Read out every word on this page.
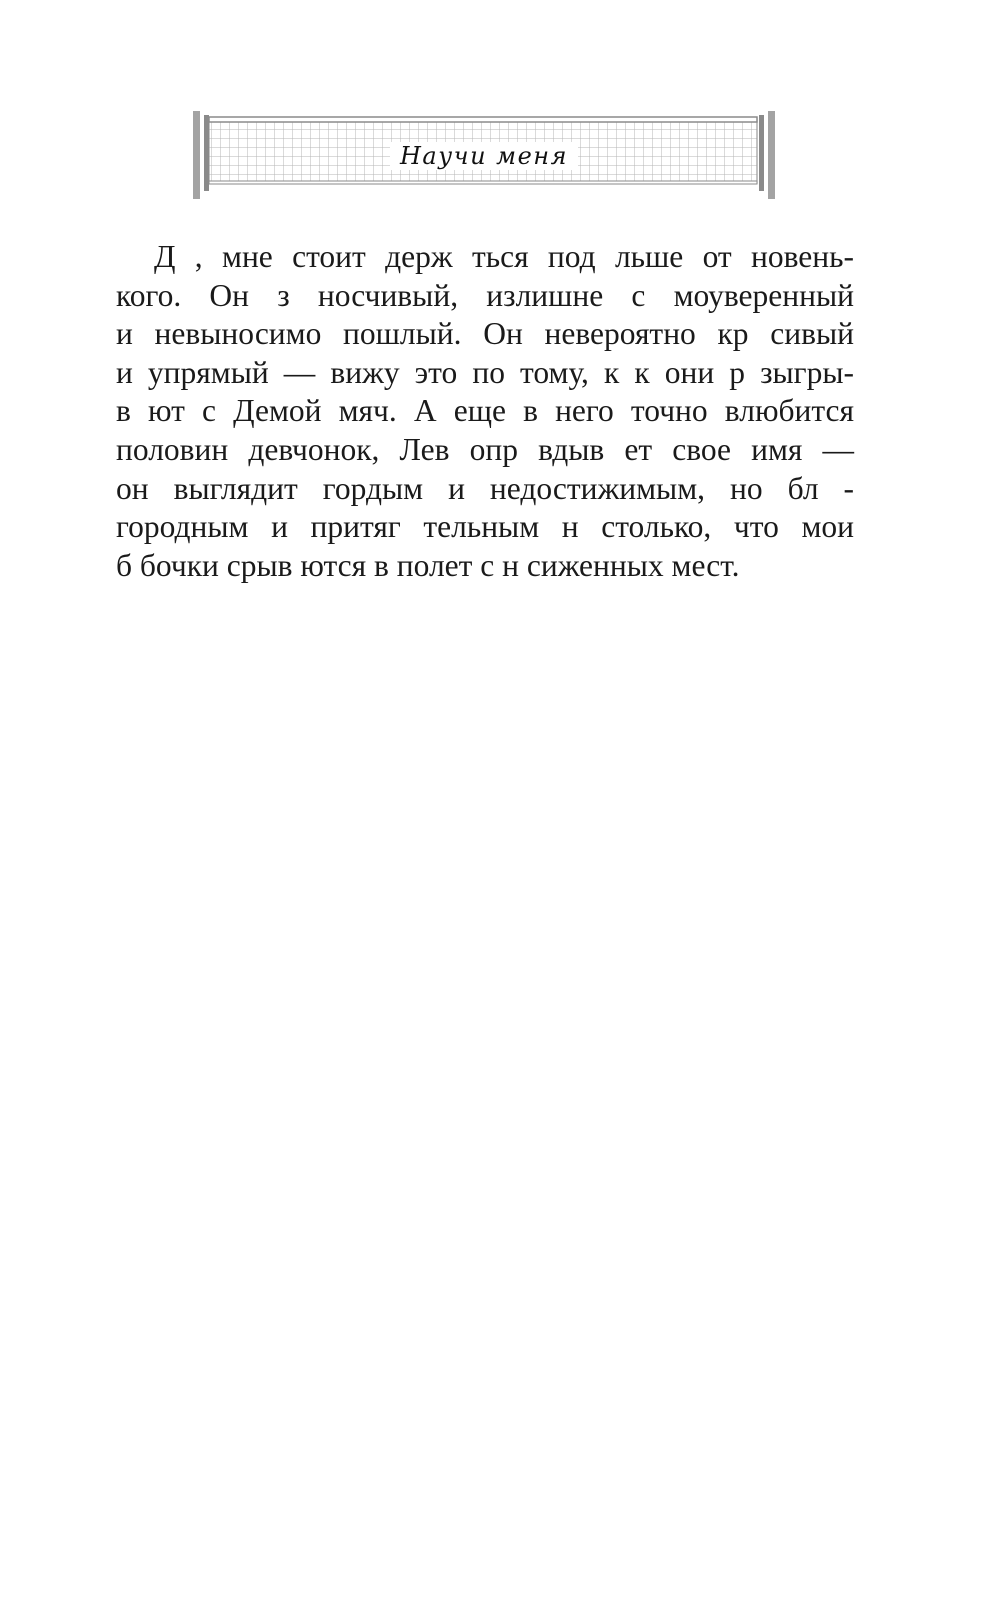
Научи меня
Д , мне стоит держ ться под льше от новень-
кого. Он з носчивый, излишне с моуверенный
и невыносимо пошлый. Он невероятно кр сивый
и упрямый — вижу это по тому, к к они р зыгры-
в ют с Демой мяч. А еще в него точно влюбится
половин девчонок, Лев опр вдыв ет свое имя —
он выглядит гордым и недостижимым, но бл -
городным и притяг тельным н столько, что мои
б бочки срыв ются в полет с н сиженных мест.
